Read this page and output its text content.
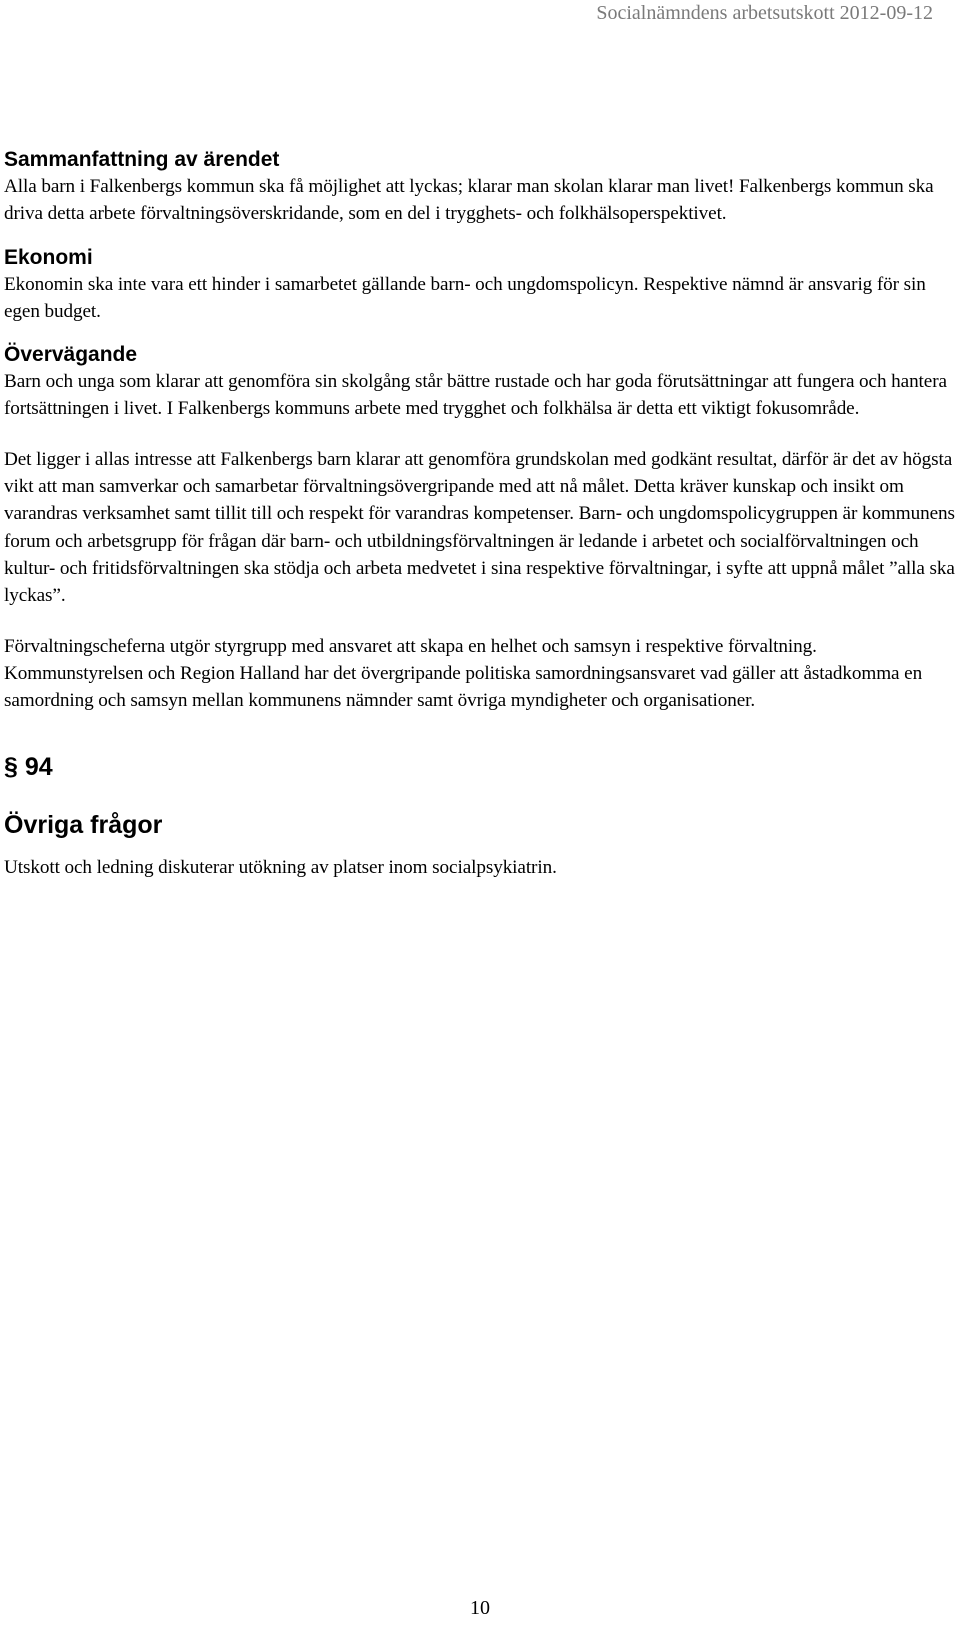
Socialnämndens arbetsutskott 2012-09-12
Sammanfattning av ärendet

Alla barn i Falkenbergs kommun ska få möjlighet att lyckas; klarar man skolan klarar man livet! Falkenbergs kommun ska driva detta arbete förvaltningsöverskridande, som en del i trygghets- och folkhälsoperspektivet.

Ekonomi

Ekonomin ska inte vara ett hinder i samarbetet gällande barn- och ungdomspolicyn. Respektive nämnd är ansvarig för sin egen budget.

Övervägande

Barn och unga som klarar att genomföra sin skolgång står bättre rustade och har goda förutsättningar att fungera och hantera fortsättningen i livet. I Falkenbergs kommuns arbete med trygghet och folkhälsa är detta ett viktigt fokusområde.

Det ligger i allas intresse att Falkenbergs barn klarar att genomföra grundskolan med godkänt resultat, därför är det av högsta vikt att man samverkar och samarbetar förvaltningsövergripande med att nå målet. Detta kräver kunskap och insikt om varandras verksamhet samt tillit till och respekt för varandras kompetenser. Barn- och ungdomspolicygruppen är kommunens forum och arbetsgrupp för frågan där barn- och utbildningsförvaltningen är ledande i arbetet och socialförvaltningen och kultur- och fritidsförvaltningen ska stödja och arbeta medvetet i sina respektive förvaltningar, i syfte att uppnå målet ”alla ska lyckas”.

Förvaltningscheferna utgör styrgrupp med ansvaret att skapa en helhet och samsyn i respektive förvaltning. Kommunstyrelsen och Region Halland har det övergripande politiska samordningsansvaret vad gäller att åstadkomma en samordning och samsyn mellan kommunens nämnder samt övriga myndigheter och organisationer.

§ 94
Övriga frågor

Utskott och ledning diskuterar utökning av platser inom socialpsykiatrin.

10
